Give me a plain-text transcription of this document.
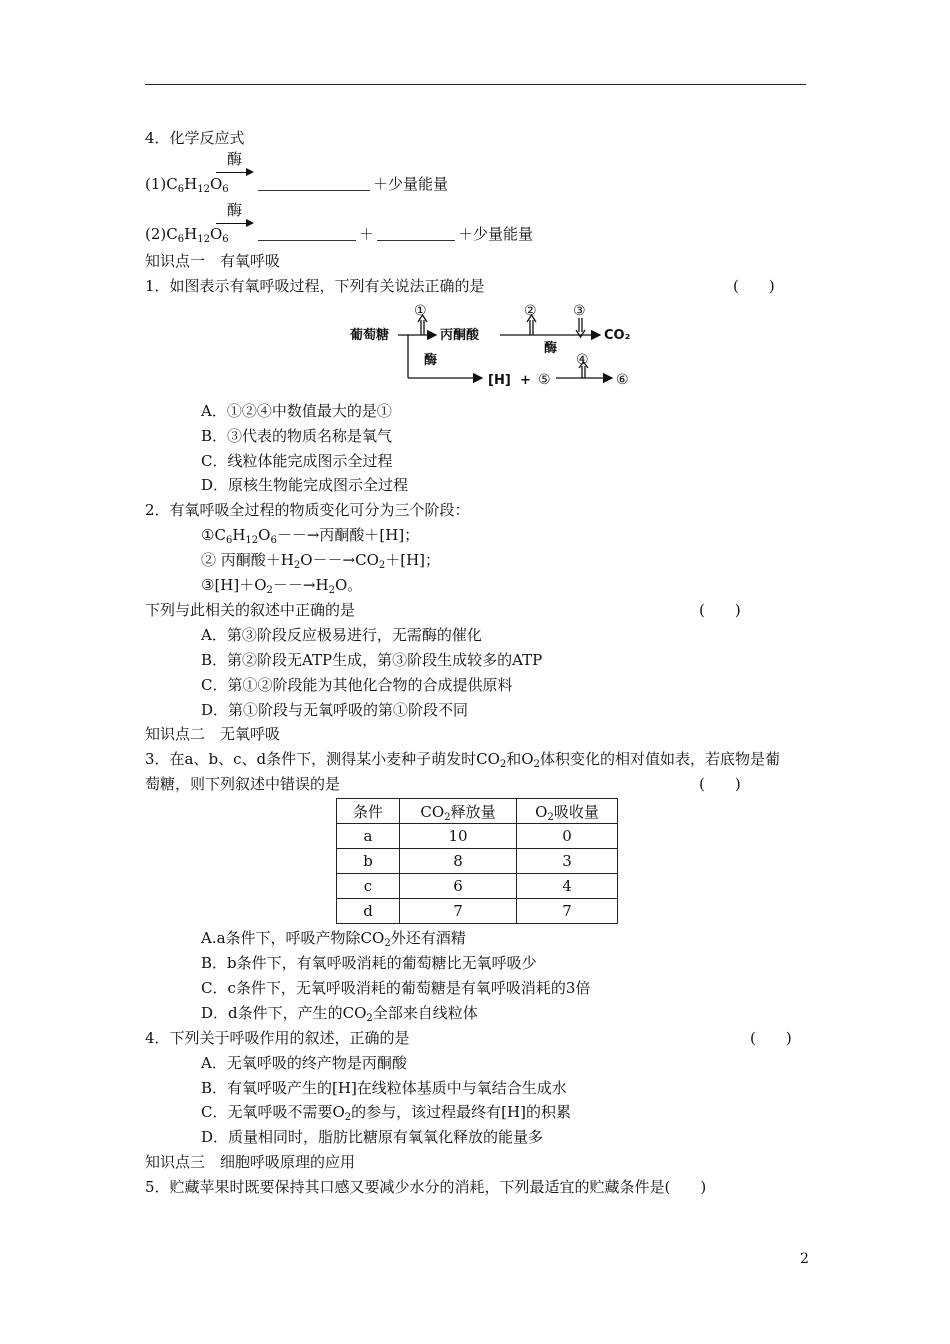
4．化学反应式
酶
$(1)C_6H_{12}O_6$	＋少量能量
酶
$(2)C_6H_{12}O_6$	＋	＋少量能量
知识点一　有氧呼吸
1．如图表示有氧呼吸过程，下列有关说法正确的是	(　　)
葡萄糖	丙酮酸	CO₂
酶
酶
[H] +
①	②	③
④
⑤	⑥
A．①②④中数值最大的是①
B．③代表的物质名称是氧气
C．线粒体能完成图示全过程
D．原核生物能完成图示全过程
2．有氧呼吸全过程的物质变化可分为三个阶段：
$①C_6H_{12}O_6--\to$丙酮酸＋[H]；
② 丙酮酸$+H_2O--\to CO_2+[H]$；
$③[H]+O_2--\to H_2O$。
下列与此相关的叙述中正确的是	(　　)
A．第③阶段反应极易进行，无需酶的催化
B．第②阶段无ATP生成，第③阶段生成较多的ATP
C．第①②阶段能为其他化合物的合成提供原料
D．第①阶段与无氧呼吸的第①阶段不同
知识点二　无氧呼吸
3．在a、b、c、d条件下，测得某小麦种子萌发时$CO_2$和$O_2$体积变化的相对值如表，若底物是葡
萄糖，则下列叙述中错误的是	(　　)
条件	$CO_2$释放量	$O_2$吸收量
a	10	0
b	8	3
c	6	4
d	7	7
A.a条件下，呼吸产物除$CO_2$外还有酒精
B．b条件下，有氧呼吸消耗的葡萄糖比无氧呼吸少
C．c条件下，无氧呼吸消耗的葡萄糖是有氧呼吸消耗的3倍
D．d条件下，产生的$CO_2$全部来自线粒体
4．下列关于呼吸作用的叙述，正确的是	(　　)
A．无氧呼吸的终产物是丙酮酸
B．有氧呼吸产生的[H]在线粒体基质中与氧结合生成水
C．无氧呼吸不需要$O_2$的参与，该过程最终有[H]的积累
D．质量相同时，脂肪比糖原有氧氧化释放的能量多
知识点三　细胞呼吸原理的应用
5．贮藏苹果时既要保持其口感又要减少水分的消耗，下列最适宜的贮藏条件是(　　)
2
